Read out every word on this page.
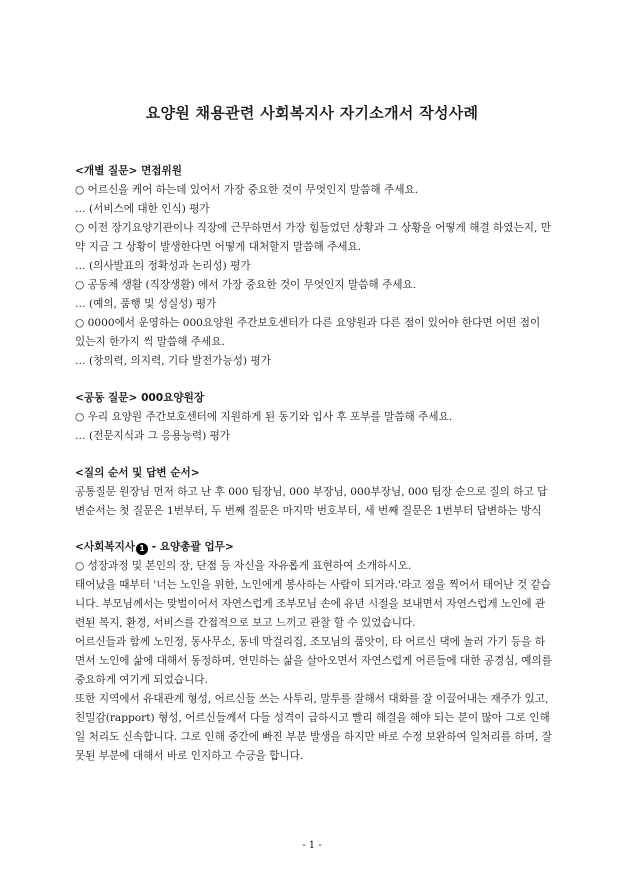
요양원 채용관련 사회복지사 자기소개서 작성사례
<개별 질문> 면접위원

○ 어르신을 케어 하는데 있어서 가장 중요한 것이 무엇인지 말씀해 주세요.

… (서비스에 대한 인식) 평가

○ 이전 장기요양기관이나 직장에 근무하면서 가장 힘들었던 상황과 그 상황을 어떻게 해결 하였는지, 만약 지금 그 상황이 발생한다면 어떻게 대처할지 말씀해 주세요.

… (의사발표의 정확성과 논리성) 평가

○ 공동체 생활 (직장생활) 에서 가장 중요한 것이 무엇인지 말씀해 주세요.

… (예의, 품행 및 성실성) 평가

○ 0000에서 운영하는 000요양원 주간보호센터가 다른 요양원과 다른 점이 있어야 한다면 어떤 점이 있는지 한가지 씩 말씀해 주세요.

… (창의력, 의지력, 기타 발전가능성) 평가

<공동 질문> 000요양원장

○ 우리 요양원 주간보호센터에 지원하게 된 동기와 입사 후 포부를 말씀해 주세요.

… (전문지식과 그 응용능력) 평가

<질의 순서 및 답변 순서>

공통질문 원장님 먼저 하고 난 후 000 팀장님, 000 부장님, 000부장님, 000 팀장 순으로 질의 하고 답변순서는 첫 질문은 1번부터, 두 번째 질문은 마지막 번호부터, 세 번째 질문은 1번부터 답변하는 방식

<사회복지사 1 - 요양총괄 업무>

○ 성장과정 및 본인의 장, 단점 등 자신을 자유롭게 표현하여 소개하시오.

태어났을 때부터 '너는 노인을 위한, 노인에게 봉사하는 사람이 되거라.'라고 점을 찍어서 태어난 것 같습니다. 부모님께서는 맞벌이어서 자연스럽게 조부모님 손에 유년 시절을 보내면서 자연스럽게 노인에 관련된 복지, 환경, 서비스를 간접적으로 보고 느끼고 관찰 할 수 있었습니다.

어르신들과 함께 노인정, 동사무소, 동네 막걸리집, 조모님의 품앗이, 타 어르신 댁에 놀러 가기 등을 하면서 노인에 삶에 대해서 동정하며, 연민하는 삶을 살아오면서 자연스럽게 어른들에 대한 공경심, 예의를 중요하게 여기게 되었습니다.

또한 지역에서 유대관계 형성, 어르신들 쓰는 사투리, 말투를 잘해서 대화를 잘 이끌어내는 재주가 있고, 친밀감(rapport) 형성, 어르신들께서 다들 성격이 급하시고 빨리 해결을 해야 되는 분이 많아 그로 인해 일 처리도 신속합니다. 그로 인해 중간에 빠진 부분 발생을 하지만 바로 수정 보완하여 일처리를 하며, 잘못된 부분에 대해서 바로 인지하고 수긍을 합니다.

- 1 -
